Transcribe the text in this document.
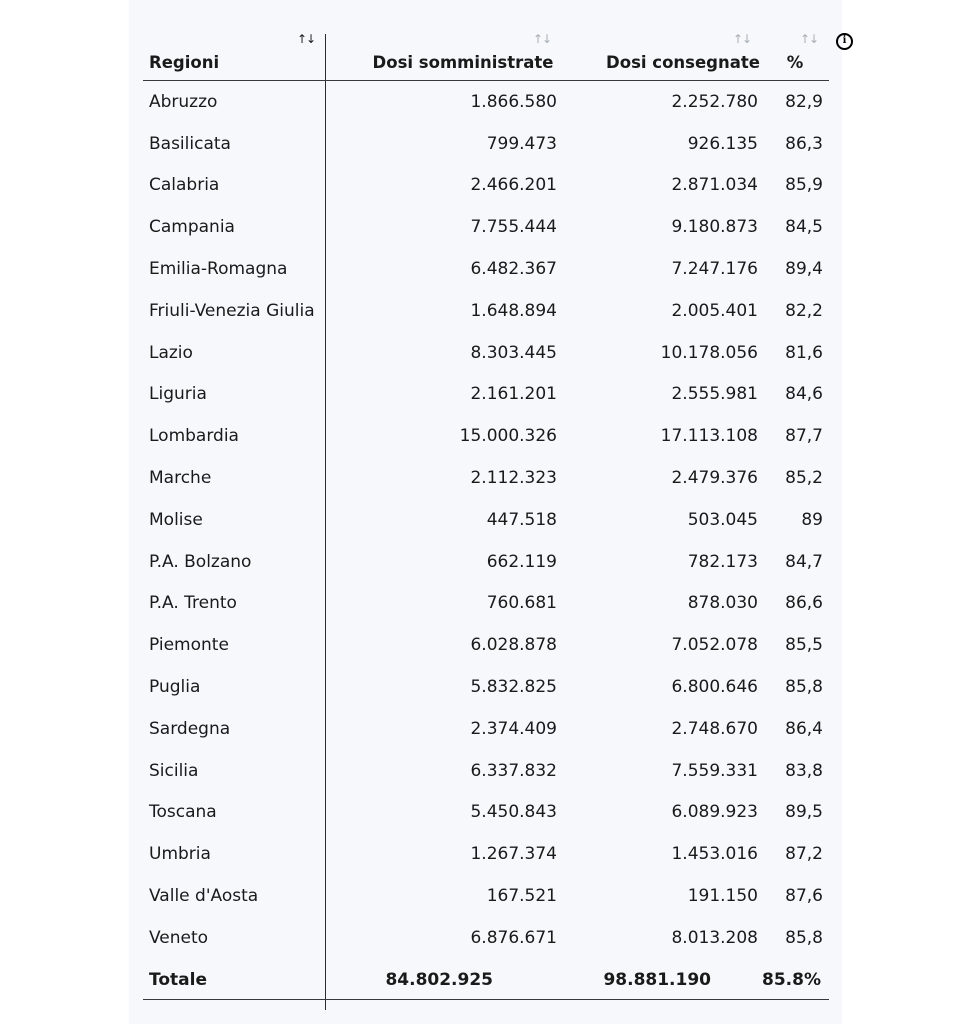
i
↑↓	↑↓	↑↓	↑↓
Regioni	Dosi somministrate	Dosi consegnate	%
Abruzzo	1.866.580	2.252.780	82,9
Basilicata	799.473	926.135	86,3
Calabria	2.466.201	2.871.034	85,9
Campania	7.755.444	9.180.873	84,5
Emilia-Romagna	6.482.367	7.247.176	89,4
Friuli-Venezia Giulia	1.648.894	2.005.401	82,2
Lazio	8.303.445	10.178.056	81,6
Liguria	2.161.201	2.555.981	84,6
Lombardia	15.000.326	17.113.108	87,7
Marche	2.112.323	2.479.376	85,2
Molise	447.518	503.045	89
P.A. Bolzano	662.119	782.173	84,7
P.A. Trento	760.681	878.030	86,6
Piemonte	6.028.878	7.052.078	85,5
Puglia	5.832.825	6.800.646	85,8
Sardegna	2.374.409	2.748.670	86,4
Sicilia	6.337.832	7.559.331	83,8
Toscana	5.450.843	6.089.923	89,5
Umbria	1.267.374	1.453.016	87,2
Valle d'Aosta	167.521	191.150	87,6
Veneto	6.876.671	8.013.208	85,8
Totale	84.802.925	98.881.190	85.8%
